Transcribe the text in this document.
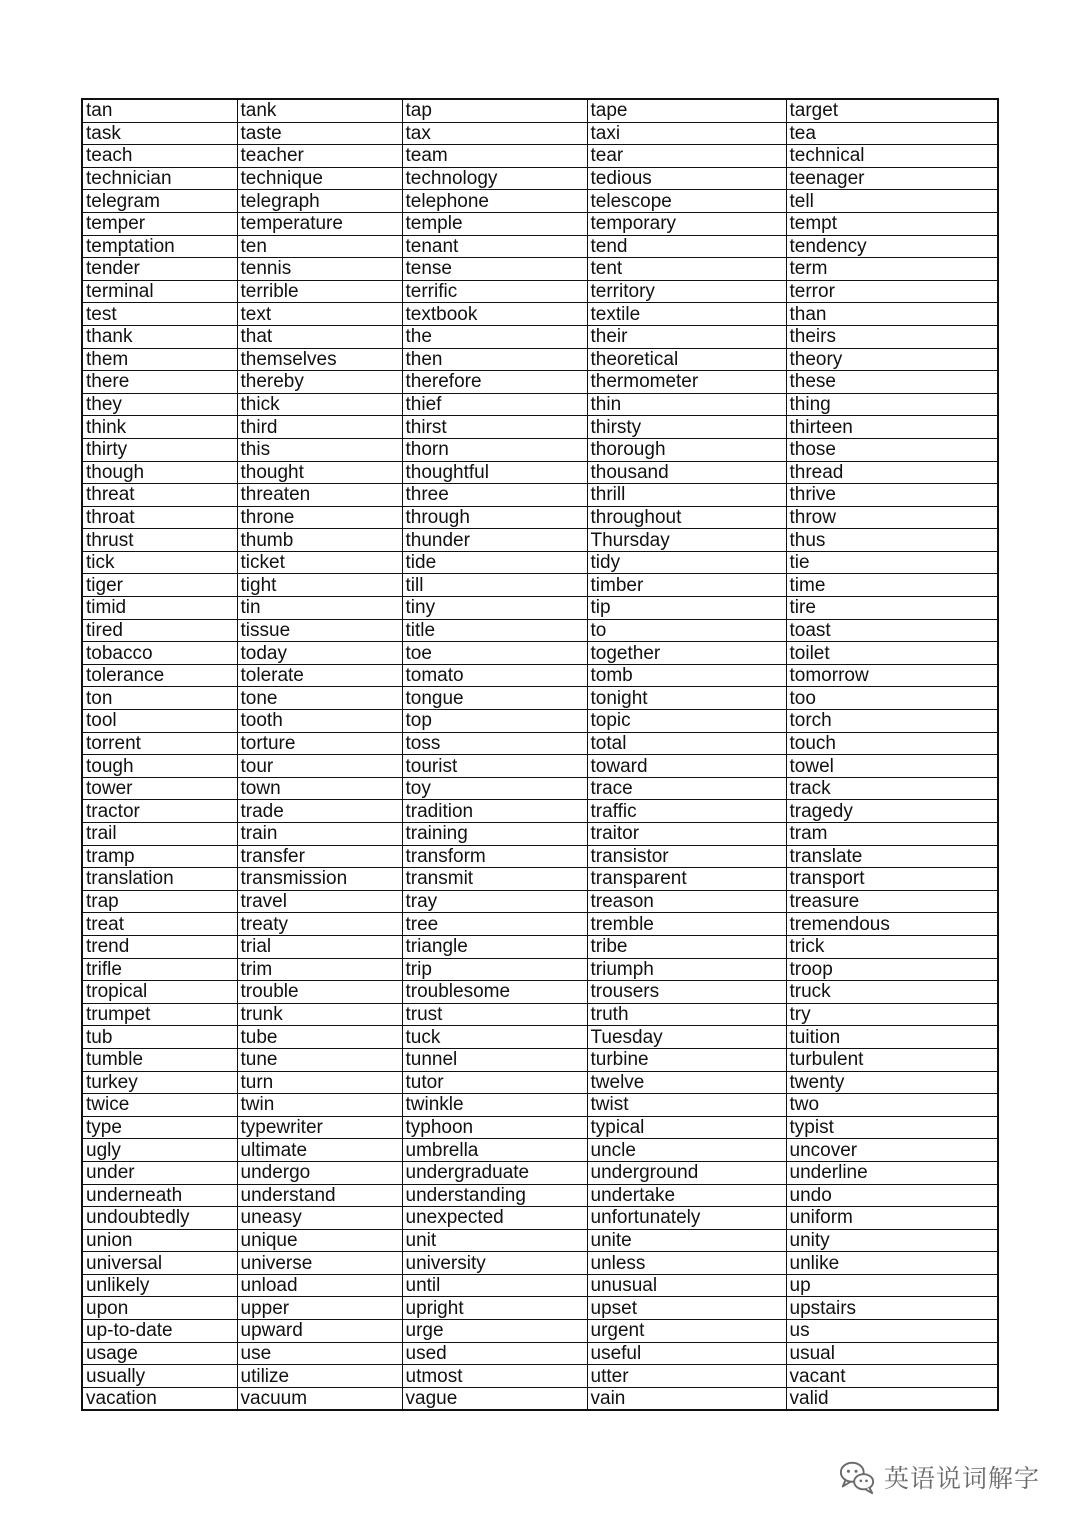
tan	tank	tap	tape	target
task	taste	tax	taxi	tea
teach	teacher	team	tear	technical
technician	technique	technology	tedious	teenager
telegram	telegraph	telephone	telescope	tell
temper	temperature	temple	temporary	tempt
temptation	ten	tenant	tend	tendency
tender	tennis	tense	tent	term
terminal	terrible	terrific	territory	terror
test	text	textbook	textile	than
thank	that	the	their	theirs
them	themselves	then	theoretical	theory
there	thereby	therefore	thermometer	these
they	thick	thief	thin	thing
think	third	thirst	thirsty	thirteen
thirty	this	thorn	thorough	those
though	thought	thoughtful	thousand	thread
threat	threaten	three	thrill	thrive
throat	throne	through	throughout	throw
thrust	thumb	thunder	Thursday	thus
tick	ticket	tide	tidy	tie
tiger	tight	till	timber	time
timid	tin	tiny	tip	tire
tired	tissue	title	to	toast
tobacco	today	toe	together	toilet
tolerance	tolerate	tomato	tomb	tomorrow
ton	tone	tongue	tonight	too
tool	tooth	top	topic	torch
torrent	torture	toss	total	touch
tough	tour	tourist	toward	towel
tower	town	toy	trace	track
tractor	trade	tradition	traffic	tragedy
trail	train	training	traitor	tram
tramp	transfer	transform	transistor	translate
translation	transmission	transmit	transparent	transport
trap	travel	tray	treason	treasure
treat	treaty	tree	tremble	tremendous
trend	trial	triangle	tribe	trick
trifle	trim	trip	triumph	troop
tropical	trouble	troublesome	trousers	truck
trumpet	trunk	trust	truth	try
tub	tube	tuck	Tuesday	tuition
tumble	tune	tunnel	turbine	turbulent
turkey	turn	tutor	twelve	twenty
twice	twin	twinkle	twist	two
type	typewriter	typhoon	typical	typist
ugly	ultimate	umbrella	uncle	uncover
under	undergo	undergraduate	underground	underline
underneath	understand	understanding	undertake	undo
undoubtedly	uneasy	unexpected	unfortunately	uniform
union	unique	unit	unite	unity
universal	universe	university	unless	unlike
unlikely	unload	until	unusual	up
upon	upper	upright	upset	upstairs
up-to-date	upward	urge	urgent	us
usage	use	used	useful	usual
usually	utilize	utmost	utter	vacant
vacation	vacuum	vague	vain	valid
英语说词解字
